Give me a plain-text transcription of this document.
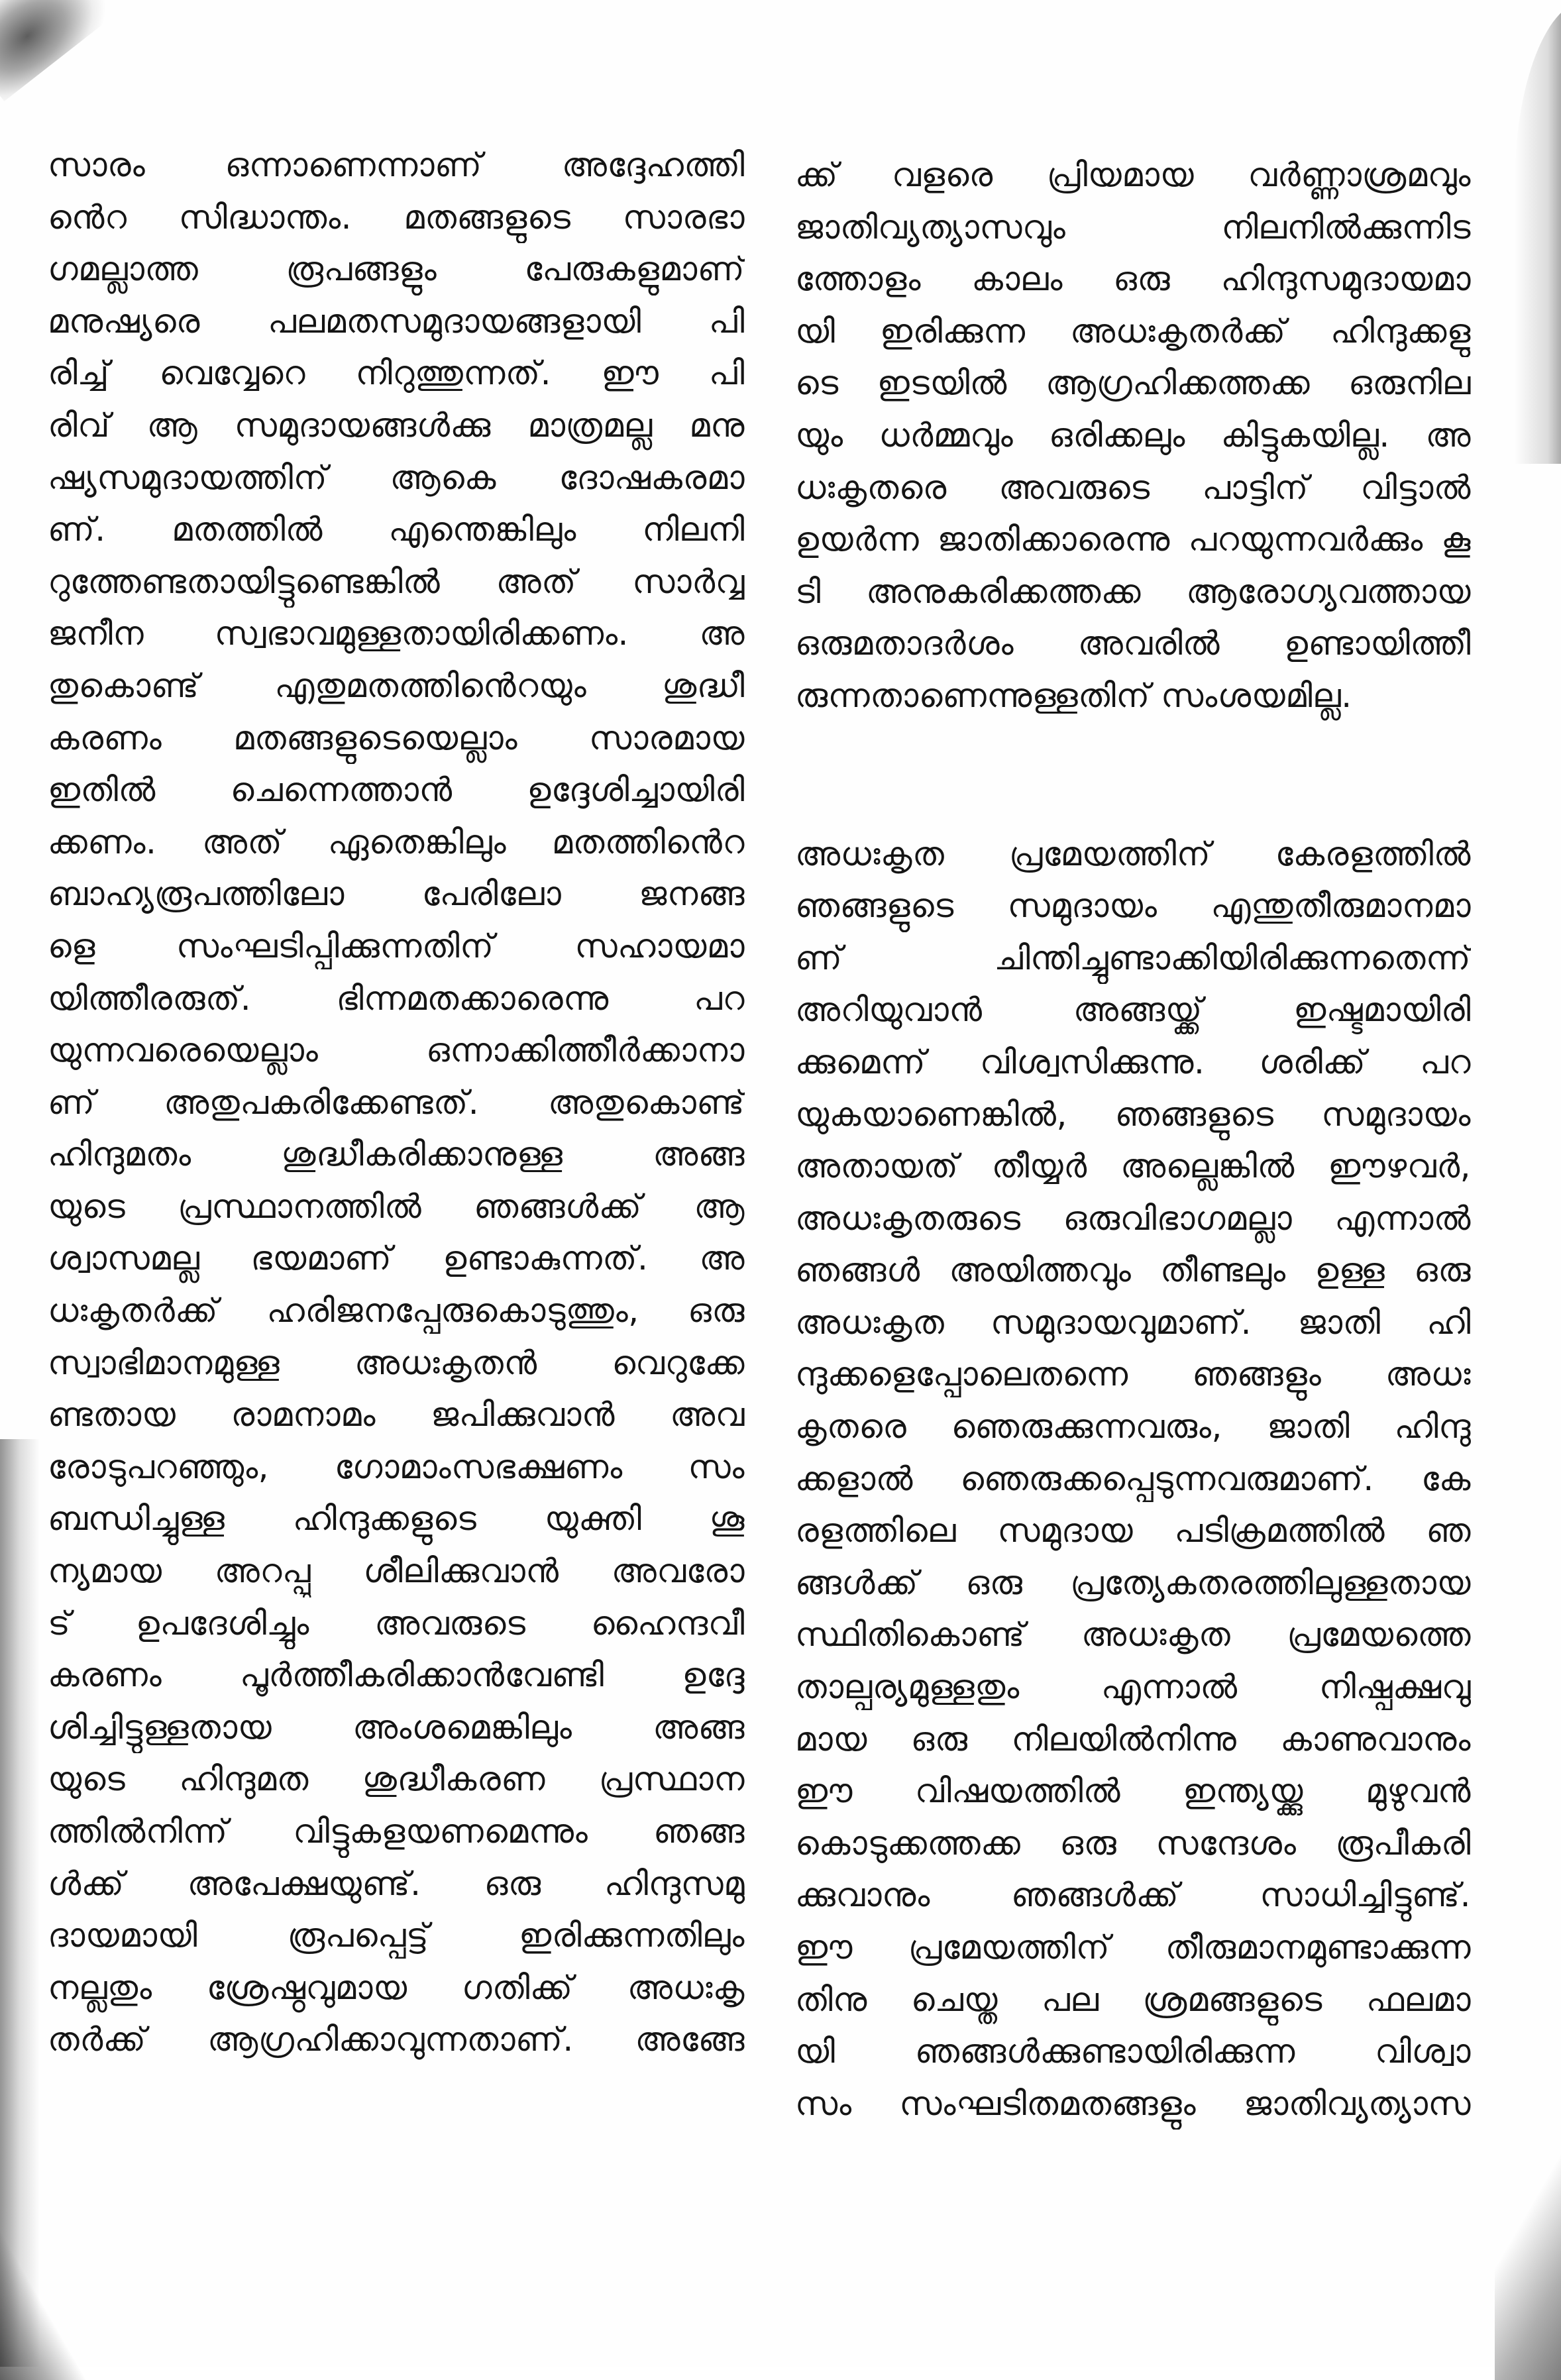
സാരം ഒന്നാണെന്നാണ് അദ്ദേഹത്തി
ൻെറ സിദ്ധാന്തം. മതങ്ങളുടെ സാരഭാ
ഗമല്ലാത്ത രൂപങ്ങളും പേരുകളുമാണ്
മനുഷ്യരെ പലമതസമുദായങ്ങളായി പി
രിച്ച് വെവ്വേറെ നിറുത്തുന്നത്. ഈ പി
രിവ് ആ സമുദായങ്ങൾക്കു മാത്രമല്ല മനു
ഷ്യസമുദായത്തിന് ആകെ ദോഷകരമാ
ണ്. മതത്തിൽ എന്തെങ്കിലും നിലനി
റുത്തേണ്ടതായിട്ടുണ്ടെങ്കിൽ അത് സാർവ്വ
ജനീന സ്വഭാവമുള്ളതായിരിക്കണം. അ
തുകൊണ്ട് എതുമതത്തിൻെറയും ശുദ്ധീ
കരണം മതങ്ങളുടെയെല്ലാം സാരമായ
ഇതിൽ ചെന്നെത്താൻ ഉദ്ദേശിച്ചായിരി
ക്കണം. അത് ഏതെങ്കിലും മതത്തിൻെറ
ബാഹ്യരൂപത്തിലോ പേരിലോ ജനങ്ങ
ളെ സംഘടിപ്പിക്കുന്നതിന് സഹായമാ
യിത്തീരരുത്. ഭിന്നമതക്കാരെന്നു പറ
യുന്നവരെയെല്ലാം ഒന്നാക്കിത്തീർക്കാനാ
ണ് അതുപകരിക്കേണ്ടത്. അതുകൊണ്ട്
ഹിന്ദുമതം ശുദ്ധീകരിക്കാനുള്ള അങ്ങ
യുടെ പ്രസ്ഥാനത്തിൽ ഞങ്ങൾക്ക് ആ
ശ്വാസമല്ല ഭയമാണ് ഉണ്ടാകുന്നത്. അ
ധഃകൃതർക്ക് ഹരിജനപ്പേരുകൊടുത്തും, ഒരു
സ്വാഭിമാനമുള്ള അധഃകൃതൻ വെറുക്കേ
ണ്ടതായ രാമനാമം ജപിക്കുവാൻ അവ
രോടുപറഞ്ഞും, ഗോമാംസഭക്ഷണം സം
ബന്ധിച്ചുള്ള ഹിന്ദുക്കളുടെ യുക്തി ശൂ
ന്യമായ അറപ്പു ശീലിക്കുവാൻ അവരോ
ട് ഉപദേശിച്ചും അവരുടെ ഹൈന്ദവീ
കരണം പൂർത്തീകരിക്കാൻവേണ്ടി ഉദ്ദേ
ശിച്ചിട്ടുള്ളതായ അംശമെങ്കിലും അങ്ങ
യുടെ ഹിന്ദുമത ശുദ്ധീകരണ പ്രസ്ഥാന
ത്തിൽനിന്ന് വിട്ടുകളയണമെന്നും ഞങ്ങ
ൾക്ക് അപേക്ഷയുണ്ട്. ഒരു ഹിന്ദുസമു
ദായമായി രൂപപ്പെട്ട് ഇരിക്കുന്നതിലും
നല്ലതും ശ്രേഷ്ഠവുമായ ഗതിക്ക് അധഃകൃ
തർക്ക് ആഗ്രഹിക്കാവുന്നതാണ്. അങ്ങേ
ക്ക് വളരെ പ്രിയമായ വർണ്ണാശ്രമവും
ജാതിവ്യത്യാസവും നിലനിൽക്കുന്നിട
ത്തോളം കാലം ഒരു ഹിന്ദുസമുദായമാ
യി ഇരിക്കുന്ന അധഃകൃതർക്ക് ഹിന്ദുക്കളു
ടെ ഇടയിൽ ആഗ്രഹിക്കത്തക്ക ഒരുനില
യും ധർമ്മവും ഒരിക്കലും കിട്ടുകയില്ല. അ
ധഃകൃതരെ അവരുടെ പാട്ടിന് വിട്ടാൽ
ഉയർന്ന ജാതിക്കാരെന്നു പറയുന്നവർക്കും കൂ
ടി അനുകരിക്കത്തക്ക ആരോഗ്യവത്തായ
ഒരുമതാദർശം അവരിൽ ഉണ്ടായിത്തീ
രുന്നതാണെന്നുള്ളതിന് സംശയമില്ല.
അധഃകൃത പ്രമേയത്തിന് കേരളത്തിൽ
ഞങ്ങളുടെ സമുദായം എന്തുതീരുമാനമാ
ണ് ചിന്തിച്ചുണ്ടാക്കിയിരിക്കുന്നതെന്ന്
അറിയുവാൻ അങ്ങയ്ക്ക് ഇഷ്ടമായിരി
ക്കുമെന്ന് വിശ്വസിക്കുന്നു. ശരിക്ക് പറ
യുകയാണെങ്കിൽ, ഞങ്ങളുടെ സമുദായം
അതായത് തീയ്യർ അല്ലെങ്കിൽ ഈഴവർ,
അധഃകൃതരുടെ ഒരുവിഭാഗമല്ലാ എന്നാൽ
ഞങ്ങൾ അയിത്തവും തീണ്ടലും ഉള്ള ഒരു
അധഃകൃത സമുദായവുമാണ്. ജാതി ഹി
ന്ദുക്കളെപ്പോലെതന്നെ ഞങ്ങളും അധഃ
കൃതരെ ഞെരുക്കുന്നവരും, ജാതി ഹിന്ദു
ക്കളാൽ ഞെരുക്കപ്പെടുന്നവരുമാണ്. കേ
രളത്തിലെ സമുദായ പടിക്രമത്തിൽ ഞ
ങ്ങൾക്ക് ഒരു പ്രത്യേകതരത്തിലുള്ളതായ
സ്ഥിതികൊണ്ട് അധഃകൃത പ്രമേയത്തെ
താല്പര്യമുള്ളതും എന്നാൽ നിഷ്പക്ഷവു
മായ ഒരു നിലയിൽനിന്നു കാണുവാനും
ഈ വിഷയത്തിൽ ഇന്ത്യയ്ക്കു മുഴുവൻ
കൊടുക്കത്തക്ക ഒരു സന്ദേശം രൂപീകരി
ക്കുവാനും ഞങ്ങൾക്ക് സാധിച്ചിട്ടുണ്ട്.
ഈ പ്രമേയത്തിന് തീരുമാനമുണ്ടാക്കുന്ന
തിനു ചെയ്ത പല ശ്രമങ്ങളുടെ ഫലമാ
യി ഞങ്ങൾക്കുണ്ടായിരിക്കുന്ന വിശ്വാ
സം സംഘടിതമതങ്ങളും ജാതിവ്യത്യാസ
